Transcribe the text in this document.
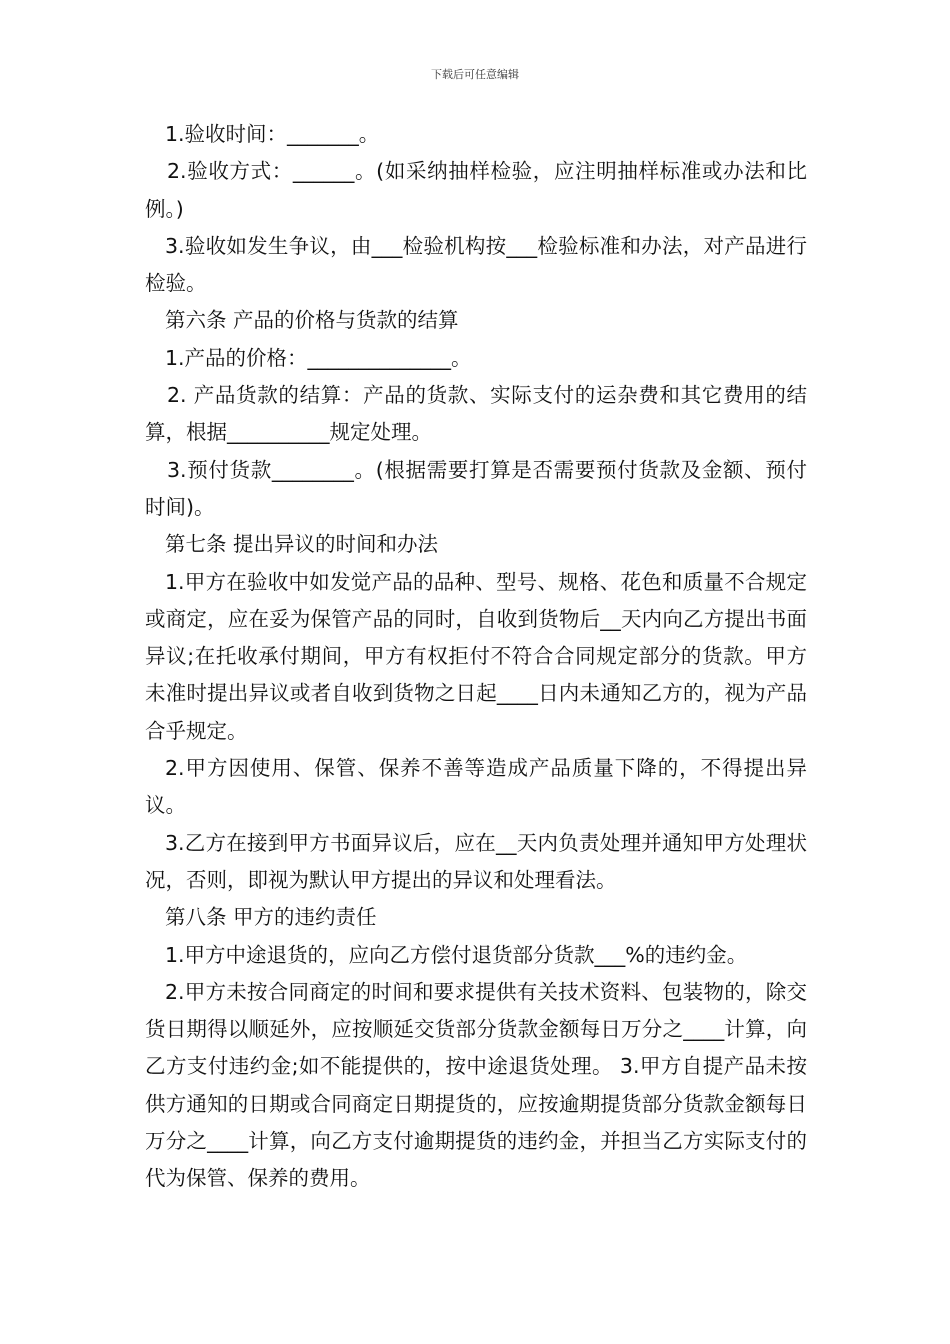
下载后可任意编辑

1.验收时间：_______。

2.验收方式：______。(如采纳抽样检验，应注明抽样标准或办法和比例。)

3.验收如发生争议，由___检验机构按___检验标准和办法，对产品进行检验。

第六条 产品的价格与货款的结算

1.产品的价格：______________。

2. 产品货款的结算：产品的货款、实际支付的运杂费和其它费用的结算，根据__________规定处理。

3.预付货款________。(根据需要打算是否需要预付货款及金额、预付时间)。

第七条 提出异议的时间和办法

1.甲方在验收中如发觉产品的品种、型号、规格、花色和质量不合规定或商定，应在妥为保管产品的同时，自收到货物后__天内向乙方提出书面异议;在托收承付期间，甲方有权拒付不符合合同规定部分的货款。甲方未准时提出异议或者自收到货物之日起____日内未通知乙方的，视为产品合乎规定。

2.甲方因使用、保管、保养不善等造成产品质量下降的，不得提出异议。

3.乙方在接到甲方书面异议后，应在__天内负责处理并通知甲方处理状况，否则，即视为默认甲方提出的异议和处理看法。

第八条 甲方的违约责任

1.甲方中途退货的，应向乙方偿付退货部分货款___%的违约金。

2.甲方未按合同商定的时间和要求提供有关技术资料、包装物的，除交货日期得以顺延外，应按顺延交货部分货款金额每日万分之____计算，向乙方支付违约金;如不能提供的，按中途退货处理。 3.甲方自提产品未按供方通知的日期或合同商定日期提货的，应按逾期提货部分货款金额每日万分之____计算，向乙方支付逾期提货的违约金，并担当乙方实际支付的代为保管、保养的费用。
